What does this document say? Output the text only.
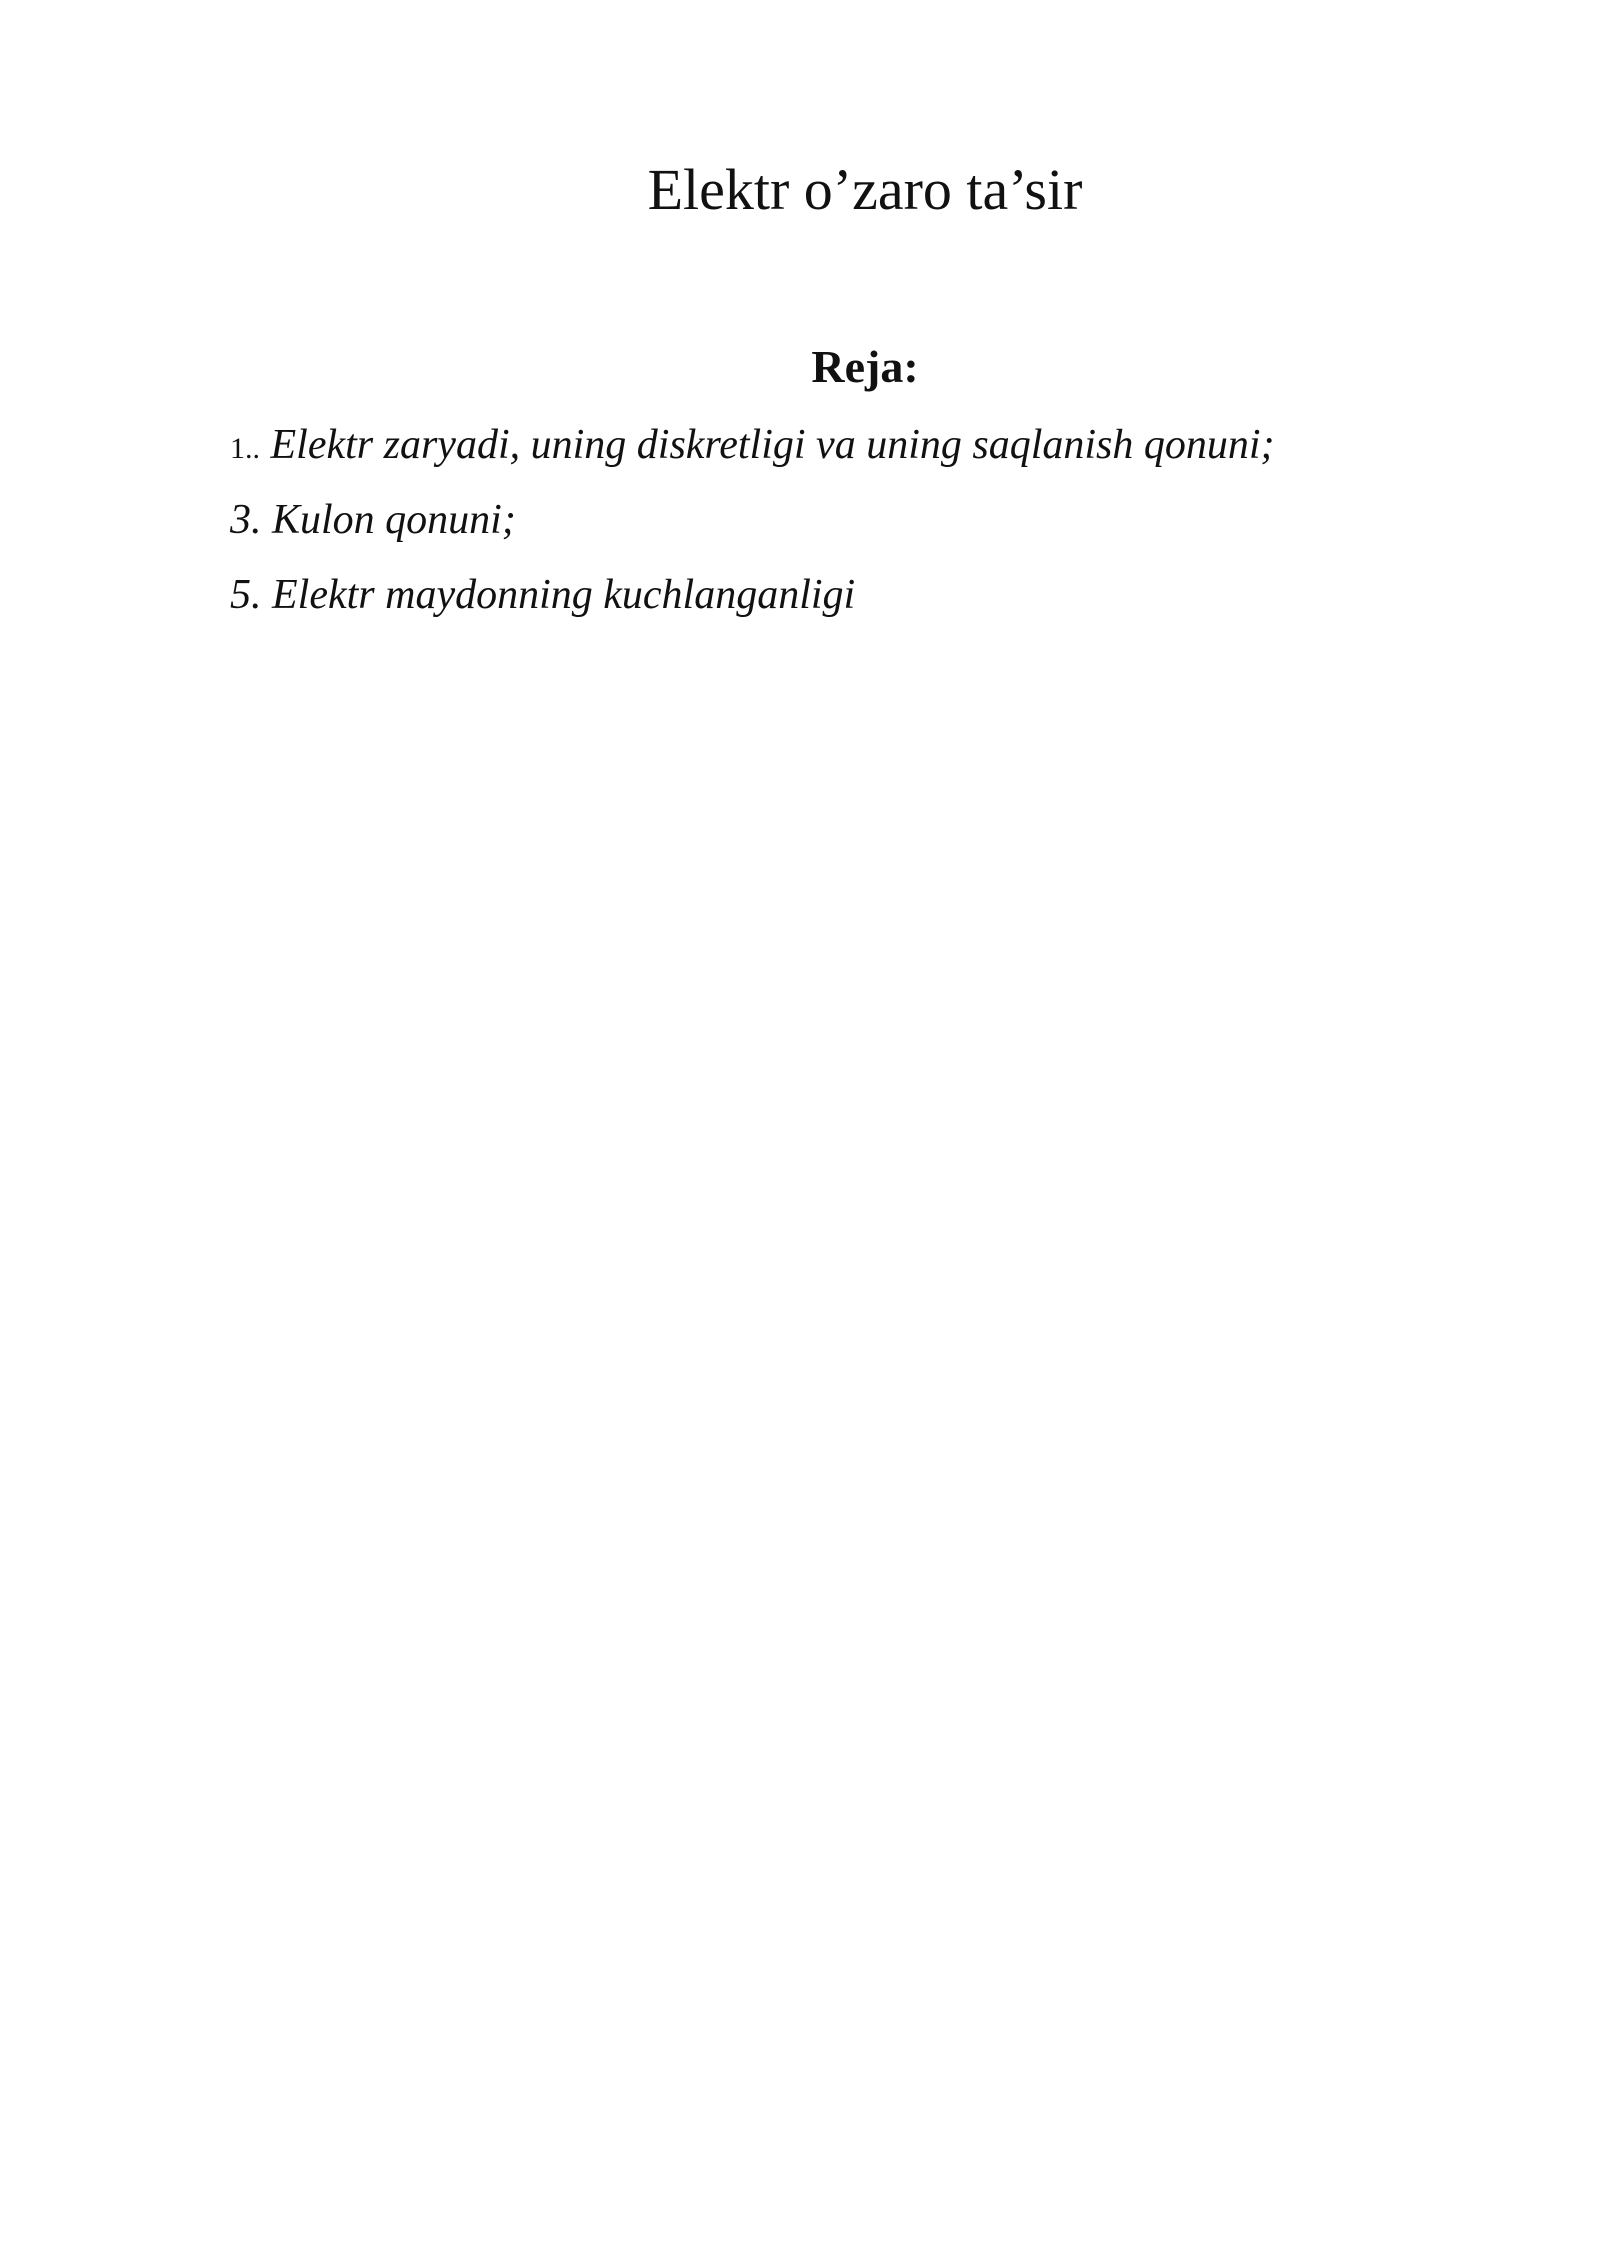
Elektr o’zaro ta’sir
Reja:
1.. Elektr zaryadi, uning diskretligi va uning saqlanish qonuni;
3. Kulon qonuni;
5. Elektr maydonning kuchlanganligi
